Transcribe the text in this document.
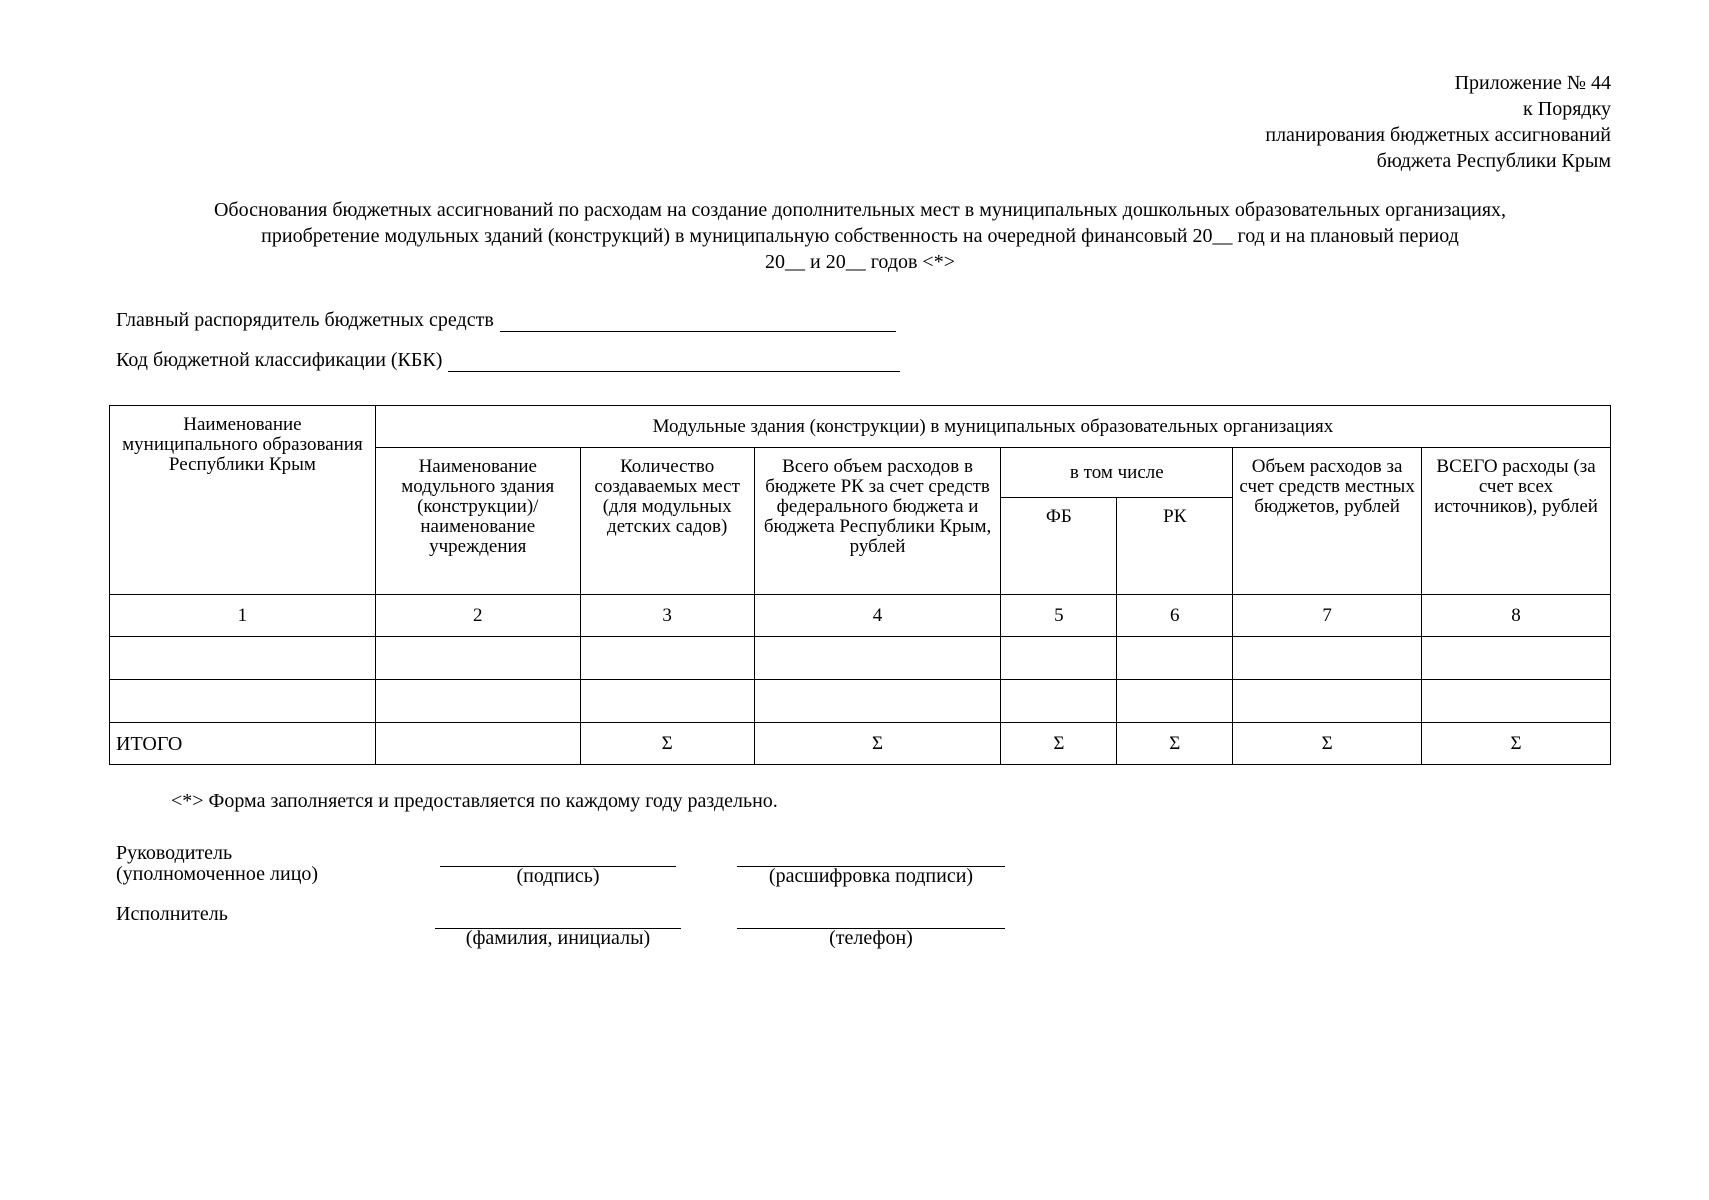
Приложение № 44
к Порядку
планирования бюджетных ассигнований
бюджета Республики Крым
Обоснования бюджетных ассигнований по расходам на создание дополнительных мест в муниципальных дошкольных образовательных организациях,
приобретение модульных зданий (конструкций) в муниципальную собственность на очередной финансовый 20__ год и на плановый период
20__ и 20__ годов <*>
Главный распорядитель бюджетных средств
Код бюджетной классификации (КБК)
Наименование муниципального образования Республики Крым	Модульные здания (конструкции) в муниципальных образовательных организациях						
	Наименование модульного здания (конструкции)/наименование учреждения	Количество создаваемых мест (для модульных детских садов)	Всего объем расходов в бюджете РК за счет средств федерального бюджета и бюджета Республики Крым, рублей	в том числе		Объем расходов за счет средств местных бюджетов, рублей	ВСЕГО расходы (за счет всех источников), рублей
				ФБ	РК		
1	2	3	4	5	6	7	8

ИТОГО		Σ	Σ	Σ	Σ	Σ	Σ
<*> Форма заполняется и предоставляется по каждому году раздельно.
Руководитель
(уполномоченное лицо)	(подпись)	(расшифровка подписи)
Исполнитель
(фамилия, инициалы)	(телефон)
